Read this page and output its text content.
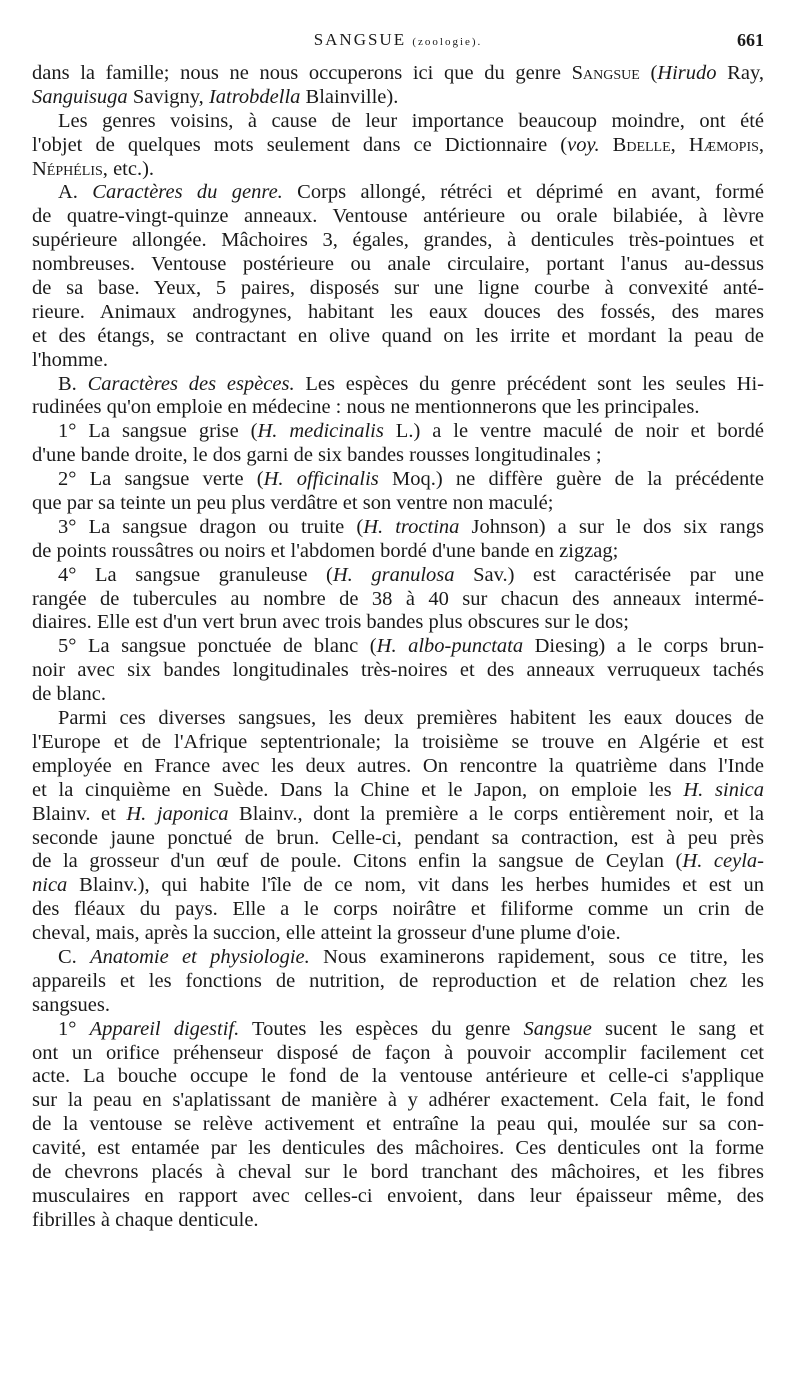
SANGSUE (zoologie).	661
dans la famille; nous ne nous occuperons ici que du genre Sangsue (Hirudo Ray,
Sanguisuga Savigny, Iatrobdella Blainville).
Les genres voisins, à cause de leur importance beaucoup moindre, ont été
l'objet de quelques mots seulement dans ce Dictionnaire (voy. Bdelle, Hæmopis,
Néphélis, etc.).
A. Caractères du genre. Corps allongé, rétréci et déprimé en avant, formé
de quatre-vingt-quinze anneaux. Ventouse antérieure ou orale bilabiée, à lèvre
supérieure allongée. Mâchoires 3, égales, grandes, à denticules très-pointues et
nombreuses. Ventouse postérieure ou anale circulaire, portant l'anus au-dessus
de sa base. Yeux, 5 paires, disposés sur une ligne courbe à convexité anté-
rieure. Animaux androgynes, habitant les eaux douces des fossés, des mares
et des étangs, se contractant en olive quand on les irrite et mordant la peau de
l'homme.
B. Caractères des espèces. Les espèces du genre précédent sont les seules Hi-
rudinées qu'on emploie en médecine : nous ne mentionnerons que les principales.
1° La sangsue grise (H. medicinalis L.) a le ventre maculé de noir et bordé
d'une bande droite, le dos garni de six bandes rousses longitudinales ;
2° La sangsue verte (H. officinalis Moq.) ne diffère guère de la précédente
que par sa teinte un peu plus verdâtre et son ventre non maculé;
3° La sangsue dragon ou truite (H. troctina Johnson) a sur le dos six rangs
de points roussâtres ou noirs et l'abdomen bordé d'une bande en zigzag;
4° La sangsue granuleuse (H. granulosa Sav.) est caractérisée par une
rangée de tubercules au nombre de 38 à 40 sur chacun des anneaux intermé-
diaires. Elle est d'un vert brun avec trois bandes plus obscures sur le dos;
5° La sangsue ponctuée de blanc (H. albo-punctata Diesing) a le corps brun-
noir avec six bandes longitudinales très-noires et des anneaux verruqueux tachés
de blanc.
Parmi ces diverses sangsues, les deux premières habitent les eaux douces de
l'Europe et de l'Afrique septentrionale; la troisième se trouve en Algérie et est
employée en France avec les deux autres. On rencontre la quatrième dans l'Inde
et la cinquième en Suède. Dans la Chine et le Japon, on emploie les H. sinica
Blainv. et H. japonica Blainv., dont la première a le corps entièrement noir, et la
seconde jaune ponctué de brun. Celle-ci, pendant sa contraction, est à peu près
de la grosseur d'un œuf de poule. Citons enfin la sangsue de Ceylan (H. ceyla-
nica Blainv.), qui habite l'île de ce nom, vit dans les herbes humides et est un
des fléaux du pays. Elle a le corps noirâtre et filiforme comme un crin de
cheval, mais, après la succion, elle atteint la grosseur d'une plume d'oie.
C. Anatomie et physiologie. Nous examinerons rapidement, sous ce titre, les
appareils et les fonctions de nutrition, de reproduction et de relation chez les
sangsues.
1° Appareil digestif. Toutes les espèces du genre Sangsue sucent le sang et
ont un orifice préhenseur disposé de façon à pouvoir accomplir facilement cet
acte. La bouche occupe le fond de la ventouse antérieure et celle-ci s'applique
sur la peau en s'aplatissant de manière à y adhérer exactement. Cela fait, le fond
de la ventouse se relève activement et entraîne la peau qui, moulée sur sa con-
cavité, est entamée par les denticules des mâchoires. Ces denticules ont la forme
de chevrons placés à cheval sur le bord tranchant des mâchoires, et les fibres
musculaires en rapport avec celles-ci envoient, dans leur épaisseur même, des
fibrilles à chaque denticule.
